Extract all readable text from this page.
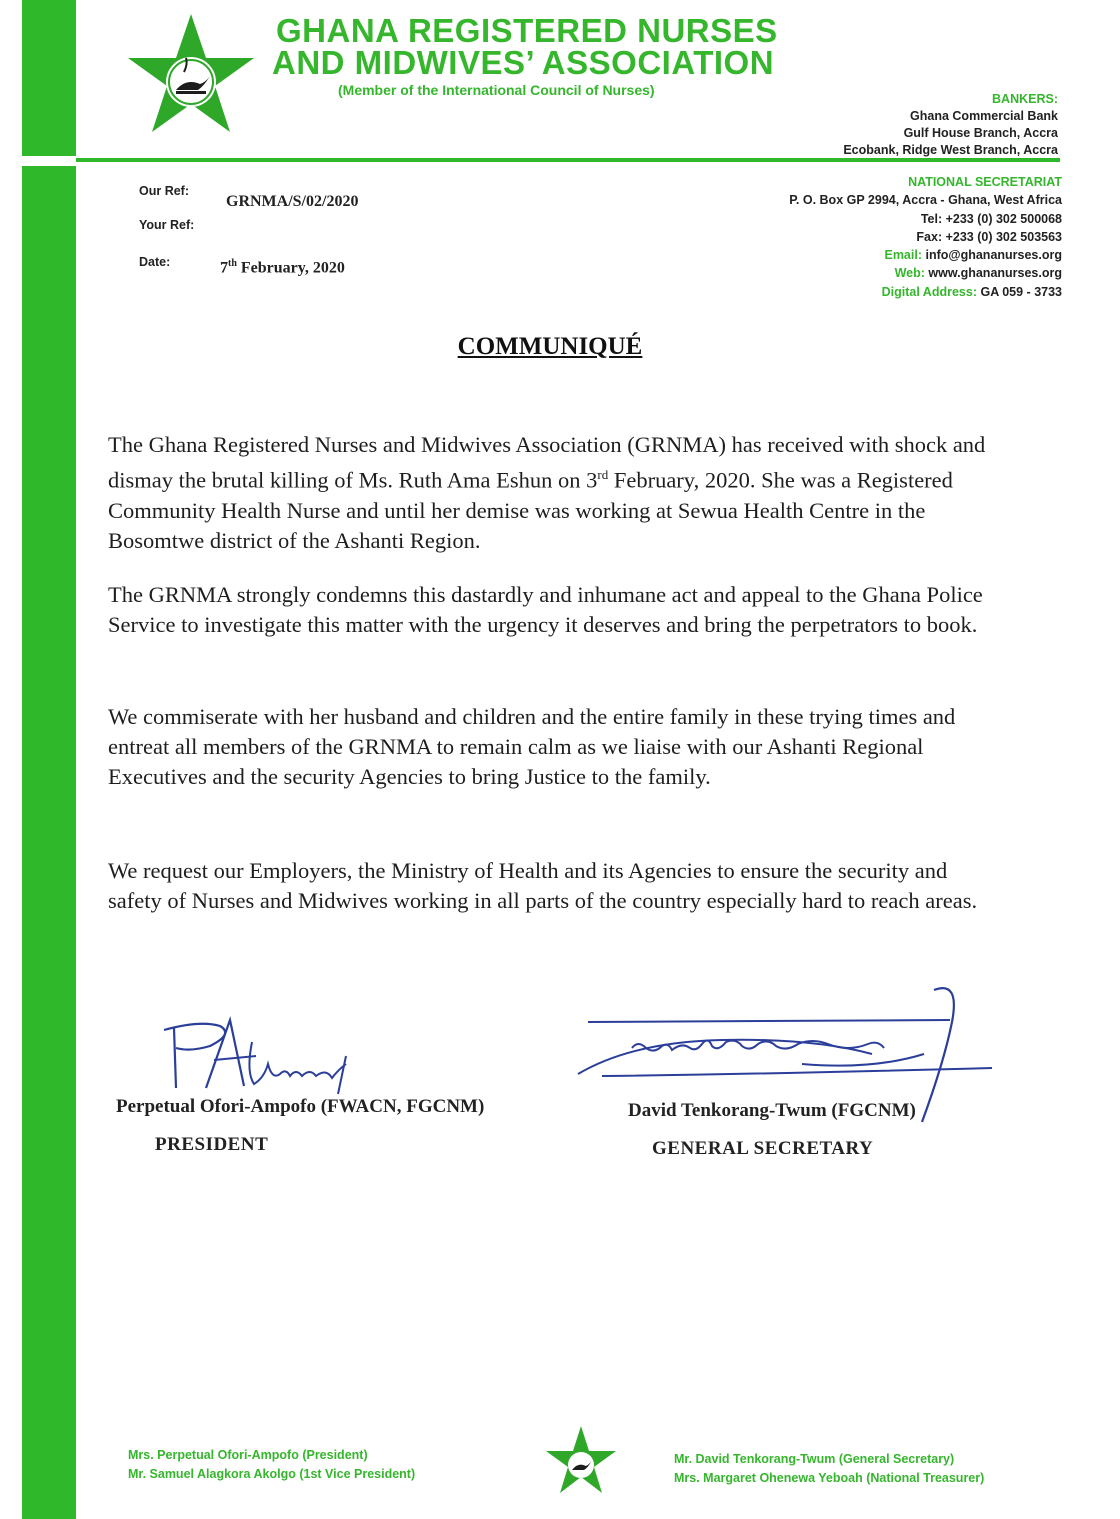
GHANA REGISTERED NURSES
AND MIDWIVES’ ASSOCIATION
(Member of the International Council of Nurses)
BANKERS:
Ghana Commercial Bank
Gulf House Branch, Accra
Ecobank, Ridge West Branch, Accra
NATIONAL SECRETARIAT
P. O. Box GP 2994, Accra - Ghana, West Africa
Tel: +233 (0) 302 500068
Fax: +233 (0) 302 503563
Email: info@ghananurses.org
Web: www.ghananurses.org
Digital Address: GA 059 - 3733
Our Ref:
GRNMA/S/02/2020
Your Ref:
Date:	7th February, 2020
COMMUNIQUÉ
The Ghana Registered Nurses and Midwives Association (GRNMA) has received with shock and dismay the brutal killing of Ms. Ruth Ama Eshun on 3rd February, 2020. She was a Registered Community Health Nurse and until her demise was working at Sewua Health Centre in the Bosomtwe district of the Ashanti Region.
The GRNMA strongly condemns this dastardly and inhumane act and appeal to the Ghana Police Service to investigate this matter with the urgency it deserves and bring the perpetrators to book.
We commiserate with her husband and children and the entire family in these trying times and entreat all members of the GRNMA to remain calm as we liaise with our Ashanti Regional Executives and the security Agencies to bring Justice to the family.
We request our Employers, the Ministry of Health and its Agencies to ensure the security and safety of Nurses and Midwives working in all parts of the country especially hard to reach areas.
Perpetual Ofori-Ampofo (FWACN, FGCNM)
PRESIDENT
David Tenkorang-Twum (FGCNM)
GENERAL SECRETARY
Mrs. Perpetual Ofori-Ampofo (President)
Mr. Samuel Alagkora Akolgo (1st Vice President)
Mr. David Tenkorang-Twum (General Secretary)
Mrs. Margaret Ohenewa Yeboah (National Treasurer)
